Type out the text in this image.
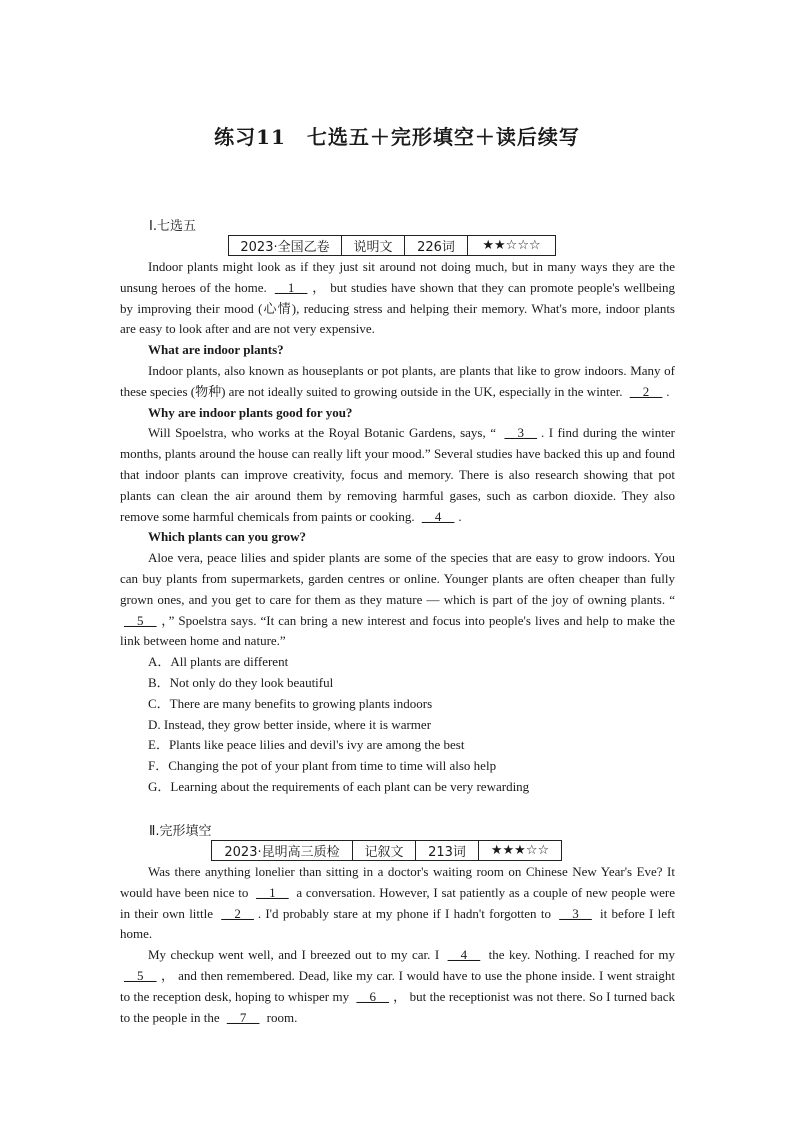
练习11　七选五＋完形填空＋读后续写
Ⅰ.七选五
2023·全国乙卷	说明文	226词	★★☆☆☆

Indoor plants might look as if they just sit around not doing much, but in many ways they are the unsung heroes of the home. __1__ ， but studies have shown that they can promote people's wellbeing by improving their mood (心情), reducing stress and helping their memory. What's more, indoor plants are easy to look after and are not very expensive.

What are indoor plants?

Indoor plants, also known as houseplants or pot plants, are plants that like to grow indoors. Many of these species (物种) are not ideally suited to growing outside in the UK, especially in the winter. __2__ .

Why are indoor plants good for you?

Will Spoelstra, who works at the Royal Botanic Gardens, says, “ __3__ . I find during the winter months, plants around the house can really lift your mood.” Several studies have backed this up and found that indoor plants can improve creativity, focus and memory. There is also research showing that pot plants can clean the air around them by removing harmful gases, such as carbon dioxide. They also remove some harmful chemicals from paints or cooking. __4__ .

Which plants can you grow?

Aloe vera, peace lilies and spider plants are some of the species that are easy to grow indoors. You can buy plants from supermarkets, garden centres or online. Younger plants are often cheaper than fully grown ones, and you get to care for them as they mature — which is part of the joy of owning plants. “ __5__ ，” Spoelstra says. “It can bring a new interest and focus into people's lives and help to make the link between home and nature.”

A．All plants are different

B．Not only do they look beautiful

C．There are many benefits to growing plants indoors

D. Instead, they grow better inside, where it is warmer

E．Plants like peace lilies and devil's ivy are among the best

F．Changing the pot of your plant from time to time will also help

G．Learning about the requirements of each plant can be very rewarding

Ⅱ.完形填空
2023·昆明高三质检	记叙文	213词	★★★☆☆

Was there anything lonelier than sitting in a doctor's waiting room on Chinese New Year's Eve? It would have been nice to __1__ a conversation. However, I sat patiently as a couple of new people were in their own little __2__ . I'd probably stare at my phone if I hadn't forgotten to __3__ it before I left home.

My checkup went well, and I breezed out to my car. I __4__ the key. Nothing. I reached for my __5__ ， and then remembered. Dead, like my car. I would have to use the phone inside. I went straight to the reception desk, hoping to whisper my __6__ ， but the receptionist was not there. So I turned back to the people in the __7__ room.
